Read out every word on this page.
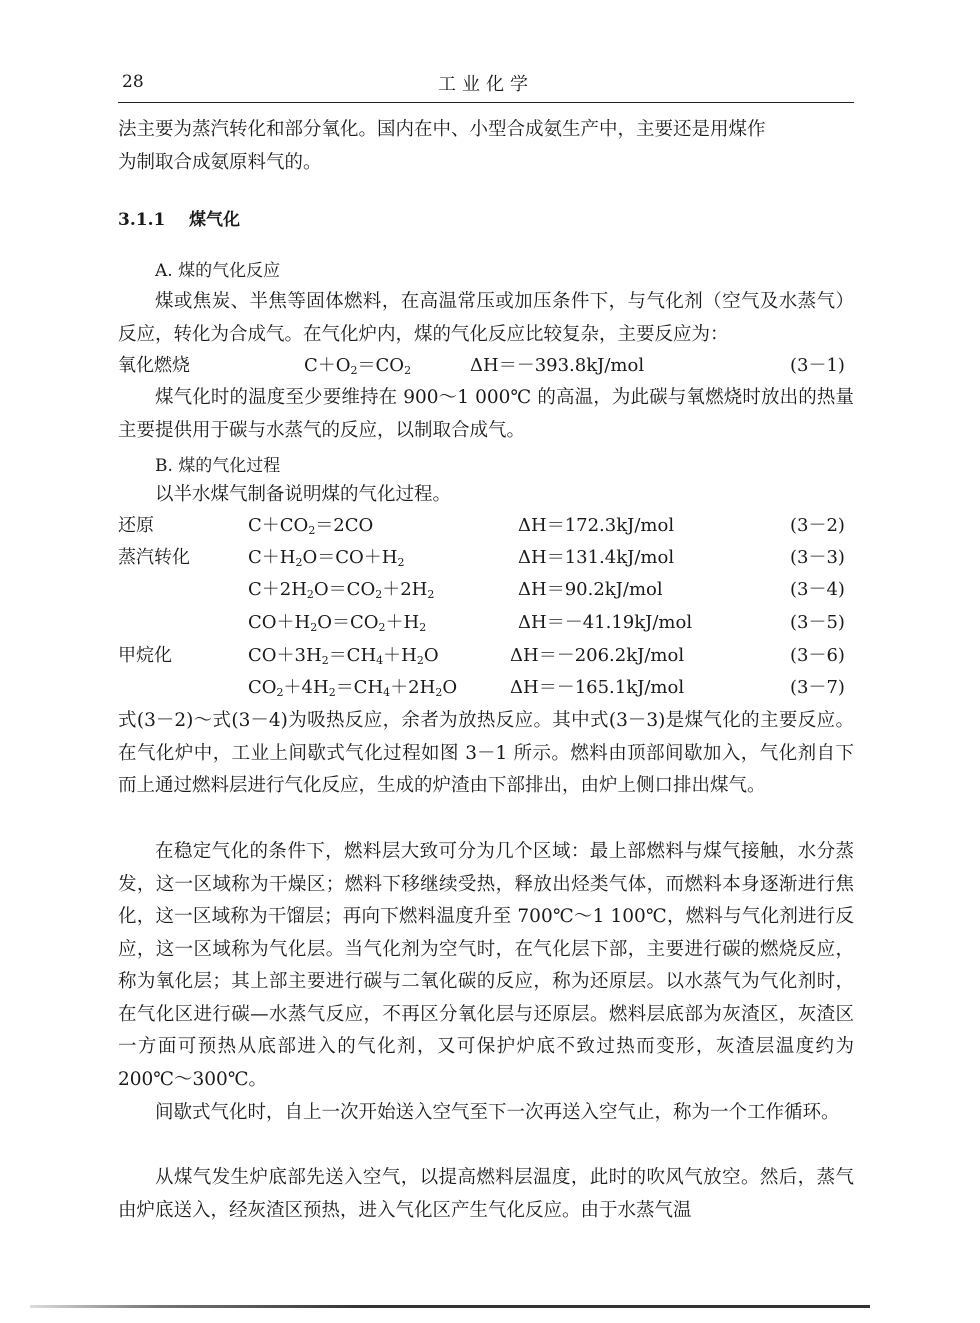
28	工业化学
法主要为蒸汽转化和部分氧化。国内在中、小型合成氨生产中，主要还是用煤作
为制取合成氨原料气的。
3.1.1 煤气化
A. 煤的气化反应

煤或焦炭、半焦等固体燃料，在高温常压或加压条件下，与气化剂（空气及水蒸气）反应，转化为合成气。在气化炉内，煤的气化反应比较复杂，主要反应为：

氧化燃烧	$C+O_2=CO_2$	ΔH＝－393.8kJ/mol	(3－1)

煤气化时的温度至少要维持在 900～1 000℃ 的高温，为此碳与氧燃烧时放出的热量主要提供用于碳与水蒸气的反应，以制取合成气。

B. 煤的气化过程

以半水煤气制备说明煤的气化过程。

还原	$C+CO_2=2CO$	ΔH＝172.3kJ/mol	(3－2)
蒸汽转化	$C+H_2O=CO+H_2$	ΔH＝131.4kJ/mol	(3－3)
$C+2H_2O=CO_2+2H_2$	ΔH＝90.2kJ/mol	(3－4)
$CO+H_2O=CO_2+H_2$	ΔH＝－41.19kJ/mol	(3－5)
甲烷化	$CO+3H_2=CH_4+H_2O$	ΔH＝－206.2kJ/mol	(3－6)
$CO_2+4H_2=CH_4+2H_2O$	ΔH＝－165.1kJ/mol	(3－7)

式(3－2)～式(3－4)为吸热反应，余者为放热反应。其中式(3－3)是煤气化的主要反应。在气化炉中，工业上间歇式气化过程如图 3－1 所示。燃料由顶部间歇加入，气化剂自下而上通过燃料层进行气化反应，生成的炉渣由下部排出，由炉上侧口排出煤气。

在稳定气化的条件下，燃料层大致可分为几个区域：最上部燃料与煤气接触，水分蒸发，这一区域称为干燥区；燃料下移继续受热，释放出烃类气体，而燃料本身逐渐进行焦化，这一区域称为干馏层；再向下燃料温度升至 700℃～1 100℃，燃料与气化剂进行反应，这一区域称为气化层。当气化剂为空气时，在气化层下部，主要进行碳的燃烧反应，称为氧化层；其上部主要进行碳与二氧化碳的反应，称为还原层。以水蒸气为气化剂时，在气化区进行碳—水蒸气反应，不再区分氧化层与还原层。燃料层底部为灰渣区，灰渣区一方面可预热从底部进入的气化剂，又可保护炉底不致过热而变形，灰渣层温度约为 200℃～300℃。

间歇式气化时，自上一次开始送入空气至下一次再送入空气止，称为一个工作循环。

从煤气发生炉底部先送入空气，以提高燃料层温度，此时的吹风气放空。然后，蒸气由炉底送入，经灰渣区预热，进入气化区产生气化反应。由于水蒸气温
